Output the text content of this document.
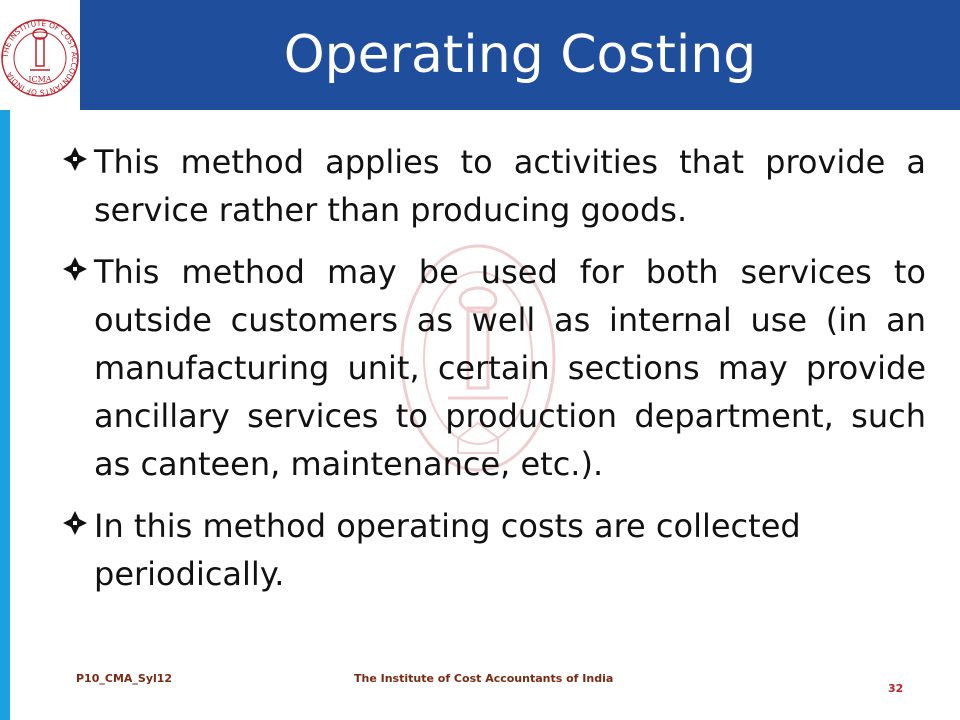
Operating Costing
THE INSTITUTE OF COST ACCOUNTANTS OF INDIA	ICMA
This method applies to activities that provide a service rather than producing goods.
This method may be used for both services to outside customers as well as internal use (in an manufacturing unit, certain sections may provide ancillary services to production department, such as canteen, maintenance, etc.).
In this method operating costs are collected periodically.
P10_CMA_Syl12	The Institute of Cost Accountants of India
32
